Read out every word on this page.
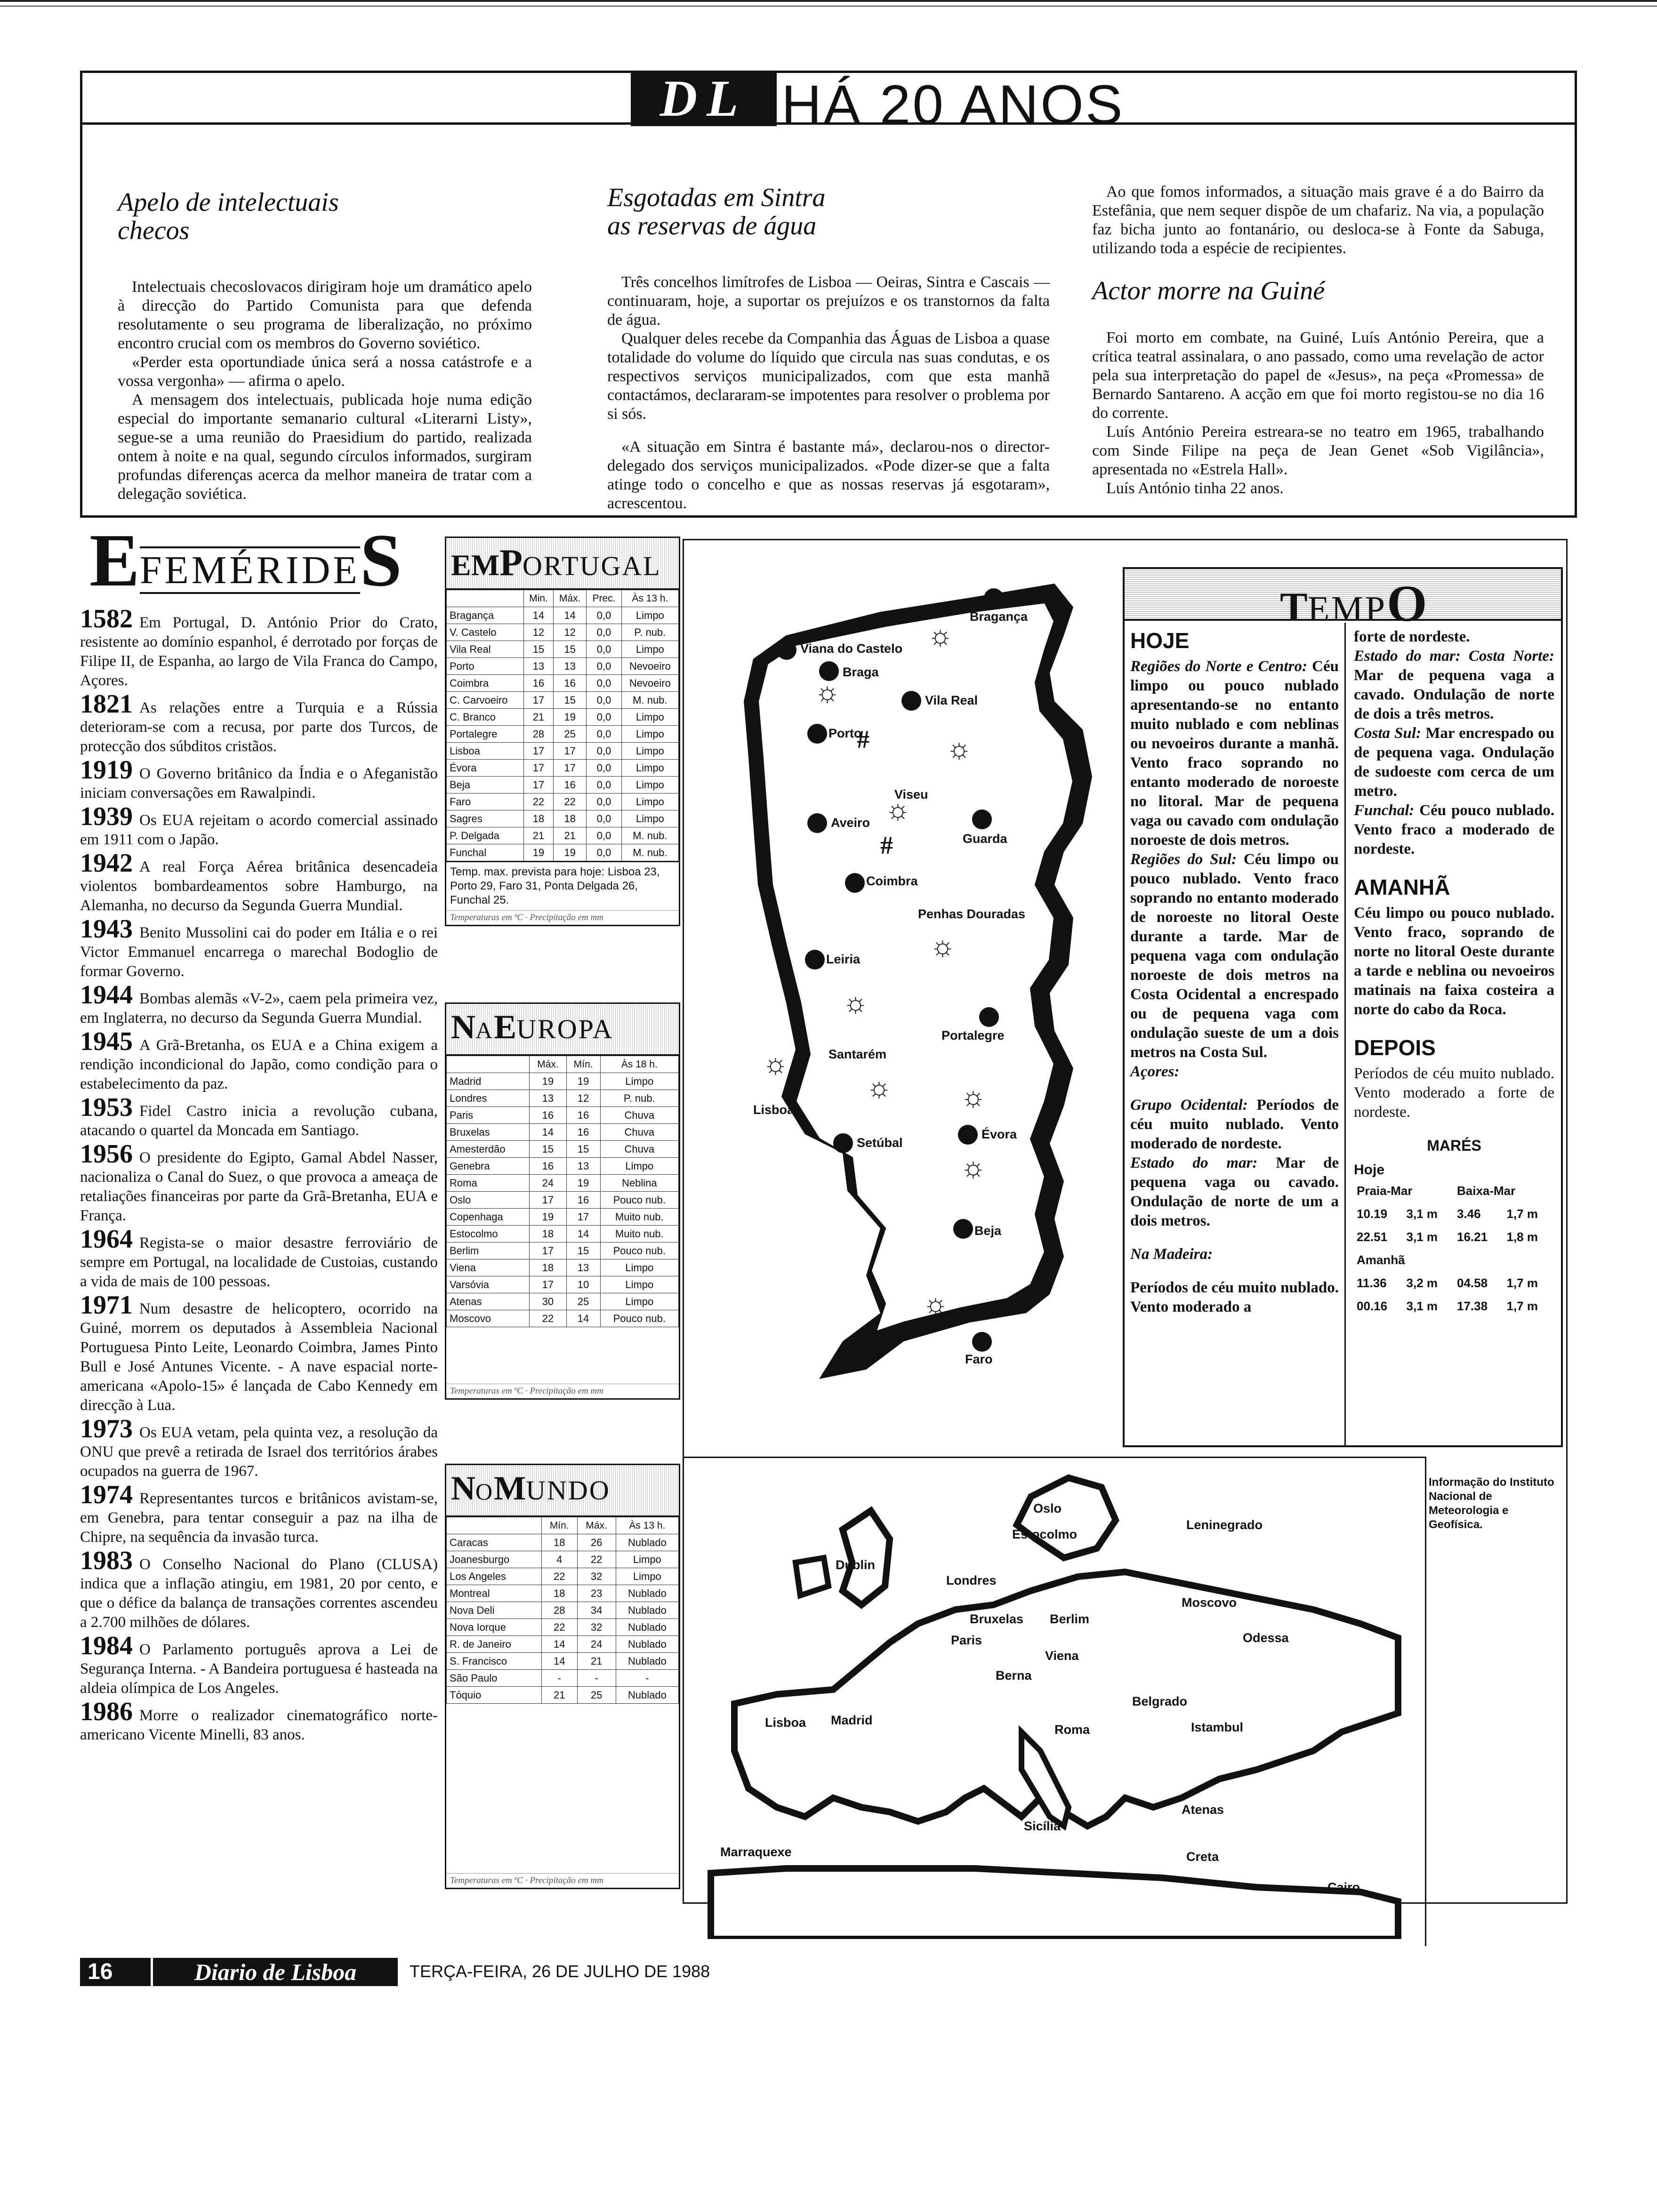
DL HÁ 20 ANOS
Apelo de intelectuais
checos

Intelectuais checoslovacos dirigiram hoje um dramático apelo à direcção do Partido Comunista para que defenda resolutamente o seu programa de liberalização, no próximo encontro crucial com os membros do Governo soviético.

«Perder esta oportundiade única será a nossa catástrofe e a vossa vergonha» — afirma o apelo.

A mensagem dos intelectuais, publicada hoje numa edição especial do importante semanario cultural «Literarni Listy», segue-se a uma reunião do Praesidium do partido, realizada ontem à noite e na qual, segundo círculos informados, surgiram profundas diferenças acerca da melhor maneira de tratar com a delegação soviética.

Esgotadas em Sintra
as reservas de água

Três concelhos limítrofes de Lisboa — Oeiras, Sintra e Cascais — continuaram, hoje, a suportar os prejuízos e os transtornos da falta de água.

Qualquer deles recebe da Companhia das Águas de Lisboa a quase totalidade do volume do líquido que circula nas suas condutas, e os respectivos serviços municipalizados, com que esta manhã contactámos, declararam-se impotentes para resolver o problema por si sós.

«A situação em Sintra é bastante má», declarou-nos o director-delegado dos serviços municipalizados. «Pode dizer-se que a falta atinge todo o concelho e que as nossas reservas já esgotaram», acrescentou.

Ao que fomos informados, a situação mais grave é a do Bairro da Estefânia, que nem sequer dispõe de um chafariz. Na via, a população faz bicha junto ao fontanário, ou desloca-se à Fonte da Sabuga, utilizando toda a espécie de recipientes.

Actor morre na Guiné

Foi morto em combate, na Guiné, Luís António Pereira, que a crítica teatral assinalara, o ano passado, como uma revelação de actor pela sua interpretação do papel de «Jesus», na peça «Promessa» de Bernardo Santareno. A acção em que foi morto registou-se no dia 16 do corrente.

Luís António Pereira estreara-se no teatro em 1965, trabalhando com Sinde Filipe na peça de Jean Genet «Sob Vigilância», apresentada no «Estrela Hall».

Luís António tinha 22 anos.

EFEMÉRIDES
1582 Em Portugal, D. António Prior do Crato, resistente ao domínio espanhol, é derrotado por forças de Filipe II, de Espanha, ao largo de Vila Franca do Campo, Açores.
1821 As relações entre a Turquia e a Rússia deterioram-se com a recusa, por parte dos Turcos, de protecção dos súbditos cristãos.
1919 O Governo britânico da Índia e o Afeganistão iniciam conversações em Rawalpindi.
1939 Os EUA rejeitam o acordo comercial assinado em 1911 com o Japão.
1942 A real Força Aérea britânica desencadeia violentos bombardeamentos sobre Hamburgo, na Alemanha, no decurso da Segunda Guerra Mundial.
1943 Benito Mussolini cai do poder em Itália e o rei Victor Emmanuel encarrega o marechal Bodoglio de formar Governo.
1944 Bombas alemãs «V-2», caem pela primeira vez, em Inglaterra, no decurso da Segunda Guerra Mundial.
1945 A Grã-Bretanha, os EUA e a China exigem a rendição incondicional do Japão, como condição para o estabelecimento da paz.
1953 Fidel Castro inicia a revolução cubana, atacando o quartel da Moncada em Santiago.
1956 O presidente do Egipto, Gamal Abdel Nasser, nacionaliza o Canal do Suez, o que provoca a ameaça de retaliações financeiras por parte da Grã-Bretanha, EUA e França.
1964 Regista-se o maior desastre ferroviário de sempre em Portugal, na localidade de Custoias, custando a vida de mais de 100 pessoas.
1971 Num desastre de helicoptero, ocorrido na Guiné, morrem os deputados à Assembleia Nacional Portuguesa Pinto Leite, Leonardo Coimbra, James Pinto Bull e José Antunes Vicente. - A nave espacial norte-americana «Apolo-15» é lançada de Cabo Kennedy em direcção à Lua.
1973 Os EUA vetam, pela quinta vez, a resolução da ONU que prevê a retirada de Israel dos territórios árabes ocupados na guerra de 1967.
1974 Representantes turcos e britânicos avistam-se, em Genebra, para tentar conseguir a paz na ilha de Chipre, na sequência da invasão turca.
1983 O Conselho Nacional do Plano (CLUSA) indica que a inflação atingiu, em 1981, 20 por cento, e que o défice da balança de transações correntes ascendeu a 2.700 milhões de dólares.
1984 O Parlamento português aprova a Lei de Segurança Interna. - A Bandeira portuguesa é hasteada na aldeia olímpica de Los Angeles.
1986 Morre o realizador cinematográfico norte-americano Vicente Minelli, 83 anos.
EMPORTUGAL
	Min.	Máx.	Prec.	Às 13 h.
Bragança	14	14	0,0	Limpo
V. Castelo	12	12	0,0	P. nub.
Vila Real	15	15	0,0	Limpo
Porto	13	13	0,0	Nevoeiro
Coimbra	16	16	0,0	Nevoeiro
C. Carvoeiro	17	15	0,0	M. nub.
C. Branco	21	19	0,0	Limpo
Portalegre	28	25	0,0	Limpo
Lisboa	17	17	0,0	Limpo
Évora	17	17	0,0	Limpo
Beja	17	16	0,0	Limpo
Faro	22	22	0,0	Limpo
Sagres	18	18	0,0	Limpo
P. Delgada	21	21	0,0	M. nub.
Funchal	19	19	0,0	M. nub.
Temp. max. prevista para hoje: Lisboa 23, Porto 29, Faro 31, Ponta Delgada 26, Funchal 25.
Temperaturas em ºC · Precipitação em mm
NAEUROPA
	Máx.	Mín.	Às 18 h.
Madrid	19	19	Limpo
Londres	13	12	P. nub.
Paris	16	16	Chuva
Bruxelas	14	16	Chuva
Amesterdão	15	15	Chuva
Genebra	16	13	Limpo
Roma	24	19	Neblina
Oslo	17	16	Pouco nub.
Copenhaga	19	17	Muito nub.
Estocolmo	18	14	Muito nub.
Berlim	17	15	Pouco nub.
Viena	18	13	Limpo
Varsóvia	17	10	Limpo
Atenas	30	25	Limpo
Moscovo	22	14	Pouco nub.
Temperaturas em ºC · Precipitação em mm
NOMUNDO
	Mín.	Máx.	Às 13 h.
Caracas	18	26	Nublado
Joanesburgo	4	22	Limpo
Los Angeles	22	32	Limpo
Montreal	18	23	Nublado
Nova Deli	28	34	Nublado
Nova Iorque	22	32	Nublado
R. de Janeiro	14	24	Nublado
S. Francisco	14	21	Nublado
São Paulo	-	-	-
Tóquio	21	25	Nublado
Temperaturas em ºC · Precipitação em mm
Bragança
Viana do Castelo
Braga
Vila Real
Porto
Viseu
Aveiro
Guarda
Coimbra
Penhas Douradas
Leiria
Portalegre
Santarém
Lisboa
Setúbal
Évora
Beja
Faro
☼
☼
☼
#
☼
#
☼
☼
☼
☼ ☼
☼
☼
Oslo
Estocolmo
Leninegrado
Dublin
Londres
Bruxelas Berlim
Moscovo
Paris
Viena
Odessa
Berna
Belgrado
Lisboa Madrid
Roma	Istambul
Atenas
Sicília
Marraquexe	Creta
Cairo
TEMPO
HOJE
Regiões do Norte e Centro: Céu limpo ou pouco nublado apresentando-se no entanto muito nublado e com neblinas ou nevoeiros durante a manhã. Vento fraco soprando no entanto moderado de noroeste no litoral. Mar de pequena vaga ou cavado com ondulação noroeste de dois metros.
Regiões do Sul: Céu limpo ou pouco nublado. Vento fraco soprando no entanto moderado de noroeste no litoral Oeste durante a tarde. Mar de pequena vaga com ondulação noroeste de dois metros na Costa Ocidental a encrespado ou de pequena vaga com ondulação sueste de um a dois metros na Costa Sul.
Açores:
Grupo Ocidental: Períodos de céu muito nublado. Vento moderado de nordeste.
Estado do mar: Mar de pequena vaga ou cavado. Ondulação de norte de um a dois metros.
Na Madeira:
Períodos de céu muito nublado. Vento moderado a
forte de nordeste.
Estado do mar: Costa Norte: Mar de pequena vaga a cavado. Ondulação de norte de dois a três metros.
Costa Sul: Mar encrespado ou de pequena vaga. Ondulação de sudoeste com cerca de um metro.
Funchal: Céu pouco nublado. Vento fraco a moderado de nordeste.
AMANHÃ
Céu limpo ou pouco nublado. Vento fraco, soprando de norte no litoral Oeste durante a tarde e neblina ou nevoeiros matinais na faixa costeira a norte do cabo da Roca.
DEPOIS
Períodos de céu muito nublado. Vento moderado a forte de nordeste.
MARÉS
Hoje
Praia-Mar		Baixa-Mar	
10.19	3,1 m	3.46	1,7 m
22.51	3,1 m	16.21	1,8 m
Amanhã			
11.36	3,2 m	04.58	1,7 m
00.16	3,1 m	17.38	1,7 m
Informação do Instituto Nacional de Meteorologia e Geofísica.
16	Diario de Lisboa	TERÇA-FEIRA, 26 DE JULHO DE 1988
